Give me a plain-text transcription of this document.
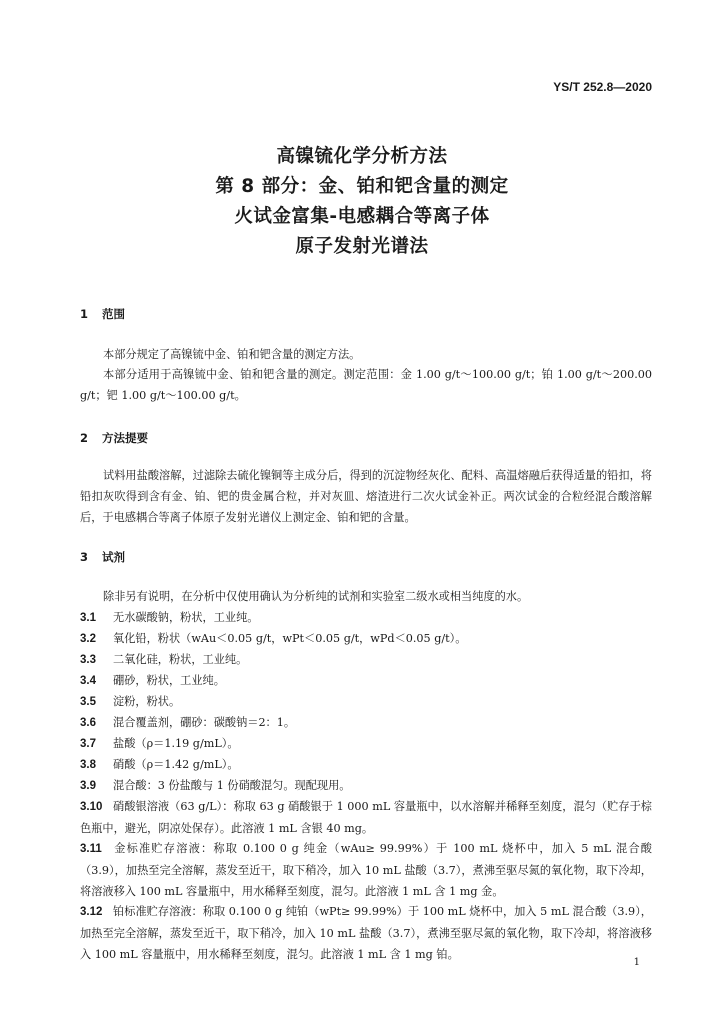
YS/T 252.8—2020
高镍锍化学分析方法
第 8 部分：金、铂和钯含量的测定
火试金富集-电感耦合等离子体
原子发射光谱法
1 范围
本部分规定了高镍锍中金、铂和钯含量的测定方法。
本部分适用于高镍锍中金、铂和钯含量的测定。测定范围：金 1.00 g/t～100.00 g/t；铂 1.00 g/t～200.00 g/t；钯 1.00 g/t～100.00 g/t。
2 方法提要
试料用盐酸溶解，过滤除去硫化镍铜等主成分后，得到的沉淀物经灰化、配料、高温熔融后获得适量的铅扣，将铅扣灰吹得到含有金、铂、钯的贵金属合粒，并对灰皿、熔渣进行二次火试金补正。两次试金的合粒经混合酸溶解后，于电感耦合等离子体原子发射光谱仪上测定金、铂和钯的含量。
3 试剂
除非另有说明，在分析中仅使用确认为分析纯的试剂和实验室二级水或相当纯度的水。
3.1 无水碳酸钠，粉状，工业纯。
3.2 氧化铅，粉状（wAu＜0.05 g/t，wPt＜0.05 g/t，wPd＜0.05 g/t）。
3.3 二氧化硅，粉状，工业纯。
3.4 硼砂，粉状，工业纯。
3.5 淀粉，粉状。
3.6 混合覆盖剂，硼砂：碳酸钠＝2：1。
3.7 盐酸（ρ＝1.19 g/mL）。
3.8 硝酸（ρ＝1.42 g/mL）。
3.9 混合酸：3 份盐酸与 1 份硝酸混匀。现配现用。
3.10 硝酸银溶液（63 g/L）：称取 63 g 硝酸银于 1 000 mL 容量瓶中，以水溶解并稀释至刻度，混匀（贮存于棕色瓶中，避光，阴凉处保存）。此溶液 1 mL 含银 40 mg。
3.11 金标准贮存溶液：称取 0.100 0 g 纯金（wAu≥ 99.99%）于 100 mL 烧杯中，加入 5 mL 混合酸（3.9），加热至完全溶解，蒸发至近干，取下稍冷，加入 10 mL 盐酸（3.7），煮沸至驱尽氮的氧化物，取下冷却，将溶液移入 100 mL 容量瓶中，用水稀释至刻度，混匀。此溶液 1 mL 含 1 mg 金。
3.12 铂标准贮存溶液：称取 0.100 0 g 纯铂（wPt≥ 99.99%）于 100 mL 烧杯中，加入 5 mL 混合酸（3.9），加热至完全溶解，蒸发至近干，取下稍冷，加入 10 mL 盐酸（3.7），煮沸至驱尽氮的氧化物，取下冷却，将溶液移入 100 mL 容量瓶中，用水稀释至刻度，混匀。此溶液 1 mL 含 1 mg 铂。
1
